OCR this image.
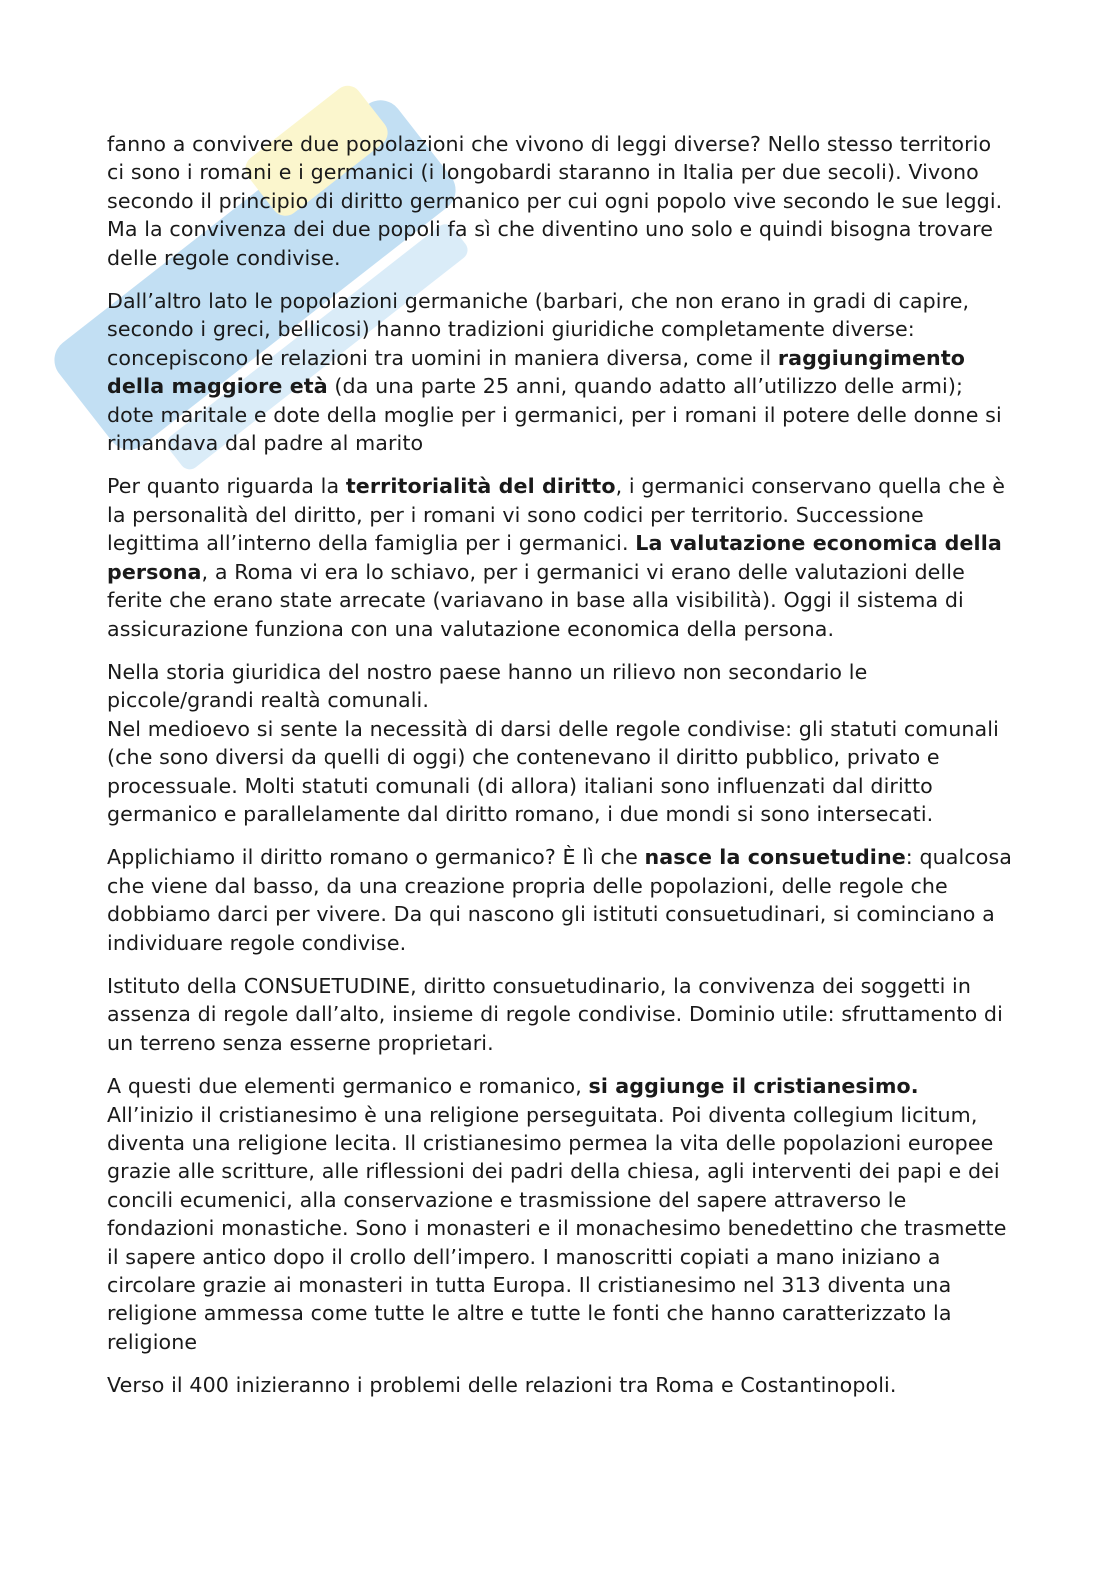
fanno a convivere due popolazioni che vivono di leggi diverse? Nello stesso territorio ci sono i romani e i germanici (i longobardi staranno in Italia per due secoli). Vivono secondo il principio di diritto germanico per cui ogni popolo vive secondo le sue leggi. Ma la convivenza dei due popoli fa sì che diventino uno solo e quindi bisogna trovare delle regole condivise.

Dall’altro lato le popolazioni germaniche (barbari, che non erano in gradi di capire, secondo i greci, bellicosi) hanno tradizioni giuridiche completamente diverse: concepiscono le relazioni tra uomini in maniera diversa, come il raggiungimento della maggiore età (da una parte 25 anni, quando adatto all’utilizzo delle armi); dote maritale e dote della moglie per i germanici, per i romani il potere delle donne si rimandava dal padre al marito

Per quanto riguarda la territorialità del diritto, i germanici conservano quella che è la personalità del diritto, per i romani vi sono codici per territorio. Successione legittima all’interno della famiglia per i germanici. La valutazione economica della persona, a Roma vi era lo schiavo, per i germanici vi erano delle valutazioni delle ferite che erano state arrecate (variavano in base alla visibilità). Oggi il sistema di assicurazione funziona con una valutazione economica della persona.

Nella storia giuridica del nostro paese hanno un rilievo non secondario le piccole/grandi realtà comunali.
Nel medioevo si sente la necessità di darsi delle regole condivise: gli statuti comunali (che sono diversi da quelli di oggi) che contenevano il diritto pubblico, privato e processuale. Molti statuti comunali (di allora) italiani sono influenzati dal diritto germanico e parallelamente dal diritto romano, i due mondi si sono intersecati.

Applichiamo il diritto romano o germanico? È lì che nasce la consuetudine: qualcosa che viene dal basso, da una creazione propria delle popolazioni, delle regole che dobbiamo darci per vivere. Da qui nascono gli istituti consuetudinari, si cominciano a individuare regole condivise.

Istituto della CONSUETUDINE, diritto consuetudinario, la convivenza dei soggetti in assenza di regole dall’alto, insieme di regole condivise. Dominio utile: sfruttamento di un terreno senza esserne proprietari.

A questi due elementi germanico e romanico, si aggiunge il cristianesimo. All’inizio il cristianesimo è una religione perseguitata. Poi diventa collegium licitum, diventa una religione lecita. Il cristianesimo permea la vita delle popolazioni europee grazie alle scritture, alle riflessioni dei padri della chiesa, agli interventi dei papi e dei concili ecumenici, alla conservazione e trasmissione del sapere attraverso le fondazioni monastiche. Sono i monasteri e il monachesimo benedettino che trasmette il sapere antico dopo il crollo dell’impero. I manoscritti copiati a mano iniziano a circolare grazie ai monasteri in tutta Europa. Il cristianesimo nel 313 diventa una religione ammessa come tutte le altre e tutte le fonti che hanno caratterizzato la religione

Verso il 400 inizieranno i problemi delle relazioni tra Roma e Costantinopoli.
